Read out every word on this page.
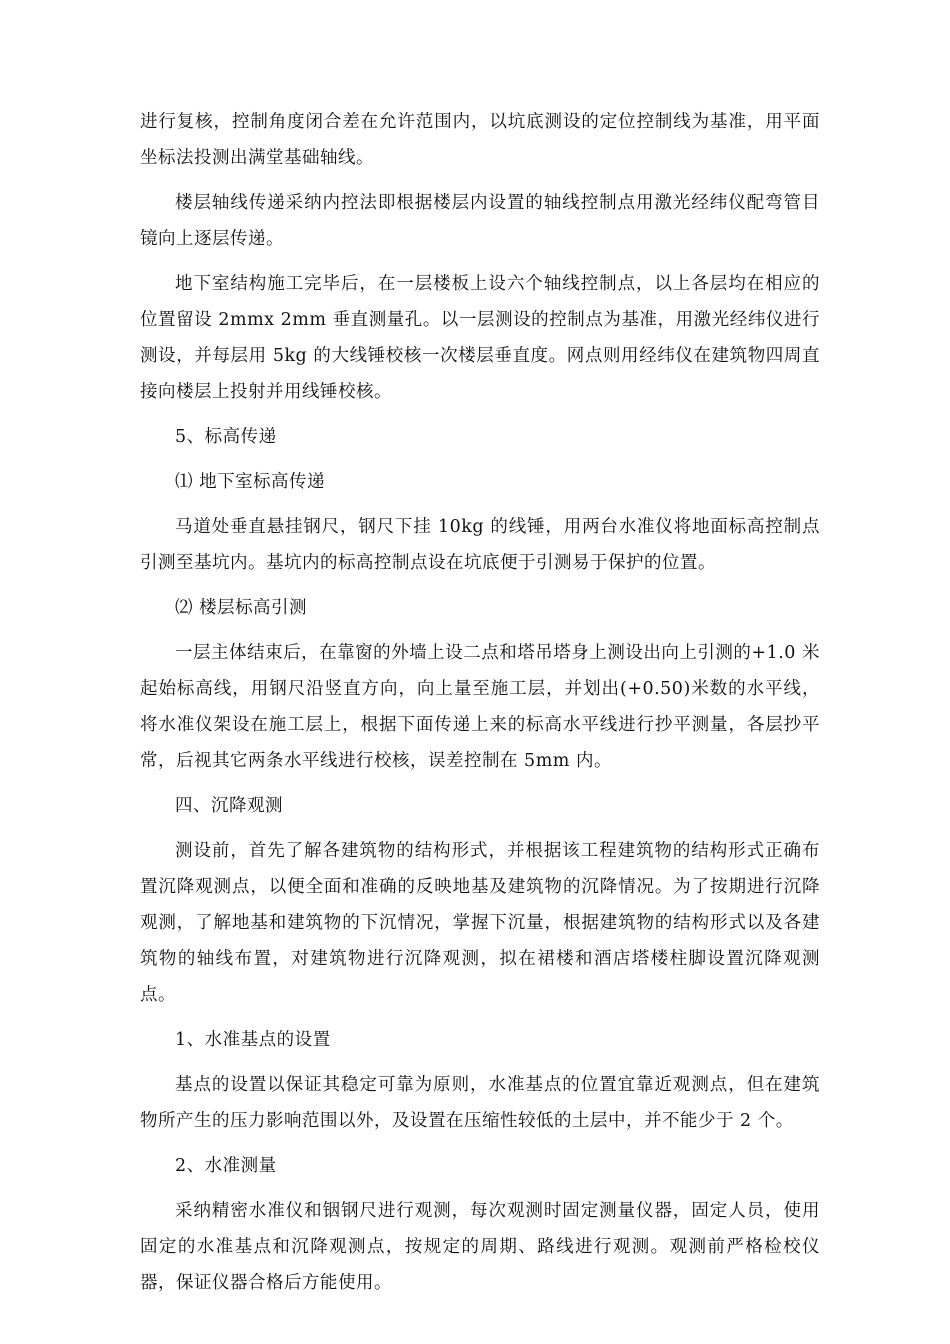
进行复核，控制角度闭合差在允许范围内，以坑底测设的定位控制线为基准，用平面坐标法投测出满堂基础轴线。

楼层轴线传递采纳内控法即根据楼层内设置的轴线控制点用激光经纬仪配弯管目镜向上逐层传递。

地下室结构施工完毕后，在一层楼板上设六个轴线控制点，以上各层均在相应的位置留设 2mmx 2mm 垂直测量孔。以一层测设的控制点为基准，用激光经纬仪进行测设，并每层用 5kg 的大线锤校核一次楼层垂直度。网点则用经纬仪在建筑物四周直接向楼层上投射并用线锤校核。

5、标高传递

⑴ 地下室标高传递

马道处垂直悬挂钢尺，钢尺下挂 10kg 的线锤，用两台水准仪将地面标高控制点引测至基坑内。基坑内的标高控制点设在坑底便于引测易于保护的位置。

⑵ 楼层标高引测

一层主体结束后，在靠窗的外墙上设二点和塔吊塔身上测设出向上引测的+1.0 米起始标高线，用钢尺沿竖直方向，向上量至施工层，并划出(+0.50)米数的水平线，将水准仪架设在施工层上，根据下面传递上来的标高水平线进行抄平测量，各层抄平常，后视其它两条水平线进行校核，误差控制在 5mm 内。

四、沉降观测

测设前，首先了解各建筑物的结构形式，并根据该工程建筑物的结构形式正确布置沉降观测点，以便全面和准确的反映地基及建筑物的沉降情况。为了按期进行沉降观测，了解地基和建筑物的下沉情况，掌握下沉量，根据建筑物的结构形式以及各建筑物的轴线布置，对建筑物进行沉降观测，拟在裙楼和酒店塔楼柱脚设置沉降观测点。

1、水准基点的设置

基点的设置以保证其稳定可靠为原则，水准基点的位置宜靠近观测点，但在建筑物所产生的压力影响范围以外，及设置在压缩性较低的土层中，并不能少于 2 个。

2、水准测量

采纳精密水准仪和铟钢尺进行观测，每次观测时固定测量仪器，固定人员，使用固定的水准基点和沉降观测点，按规定的周期、路线进行观测。观测前严格检校仪器，保证仪器合格后方能使用。
